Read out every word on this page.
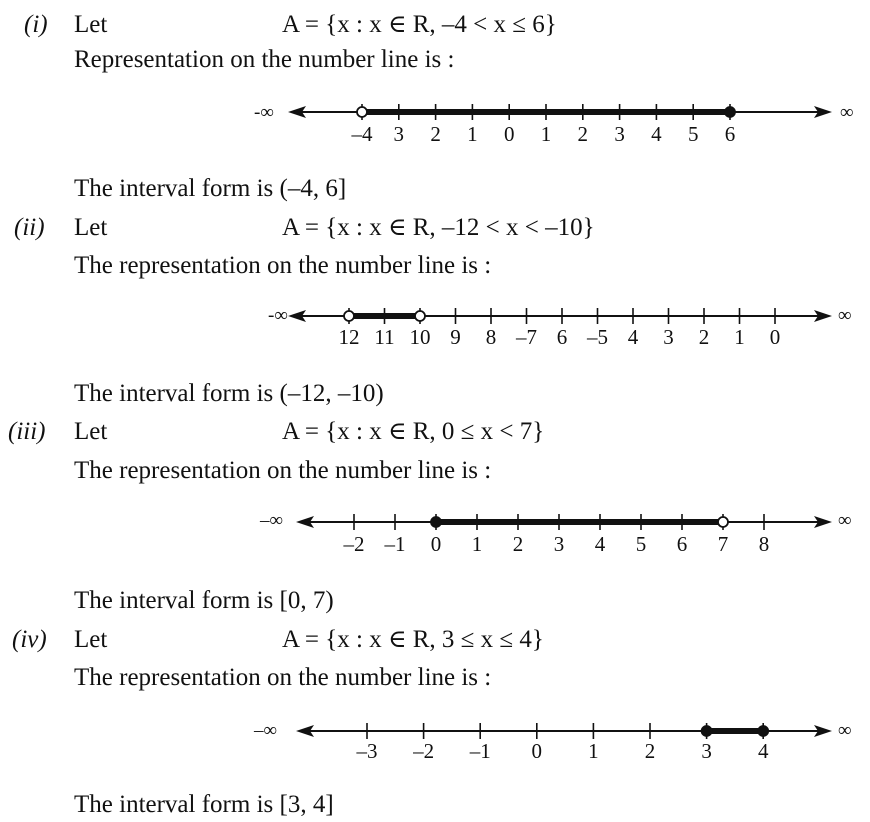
(i) Let	A = {x : x ∈ R, –4 < x ≤ 6}
Representation on the number line is :
-∞	∞
–4 3 2 1 0 1 2 3 4 5 6
The interval form is (–4, 6]
(ii) Let	A = {x : x ∈ R, –12 < x < –10}
The representation on the number line is :
-∞	∞
12 11 10 9 8 –7 6 –5 4 3 2 1 0
The interval form is (–12, –10)
(iii) Let	A = {x : x ∈ R, 0 ≤ x < 7}
The representation on the number line is :
–∞	∞
–2 –1 0 1 2 3 4 5 6 7 8
The interval form is [0, 7)
(iv) Let	A = {x : x ∈ R, 3 ≤ x ≤ 4}
The representation on the number line is :
–∞	∞
–3 –2 –1 0 1 2 3 4
The interval form is [3, 4]
